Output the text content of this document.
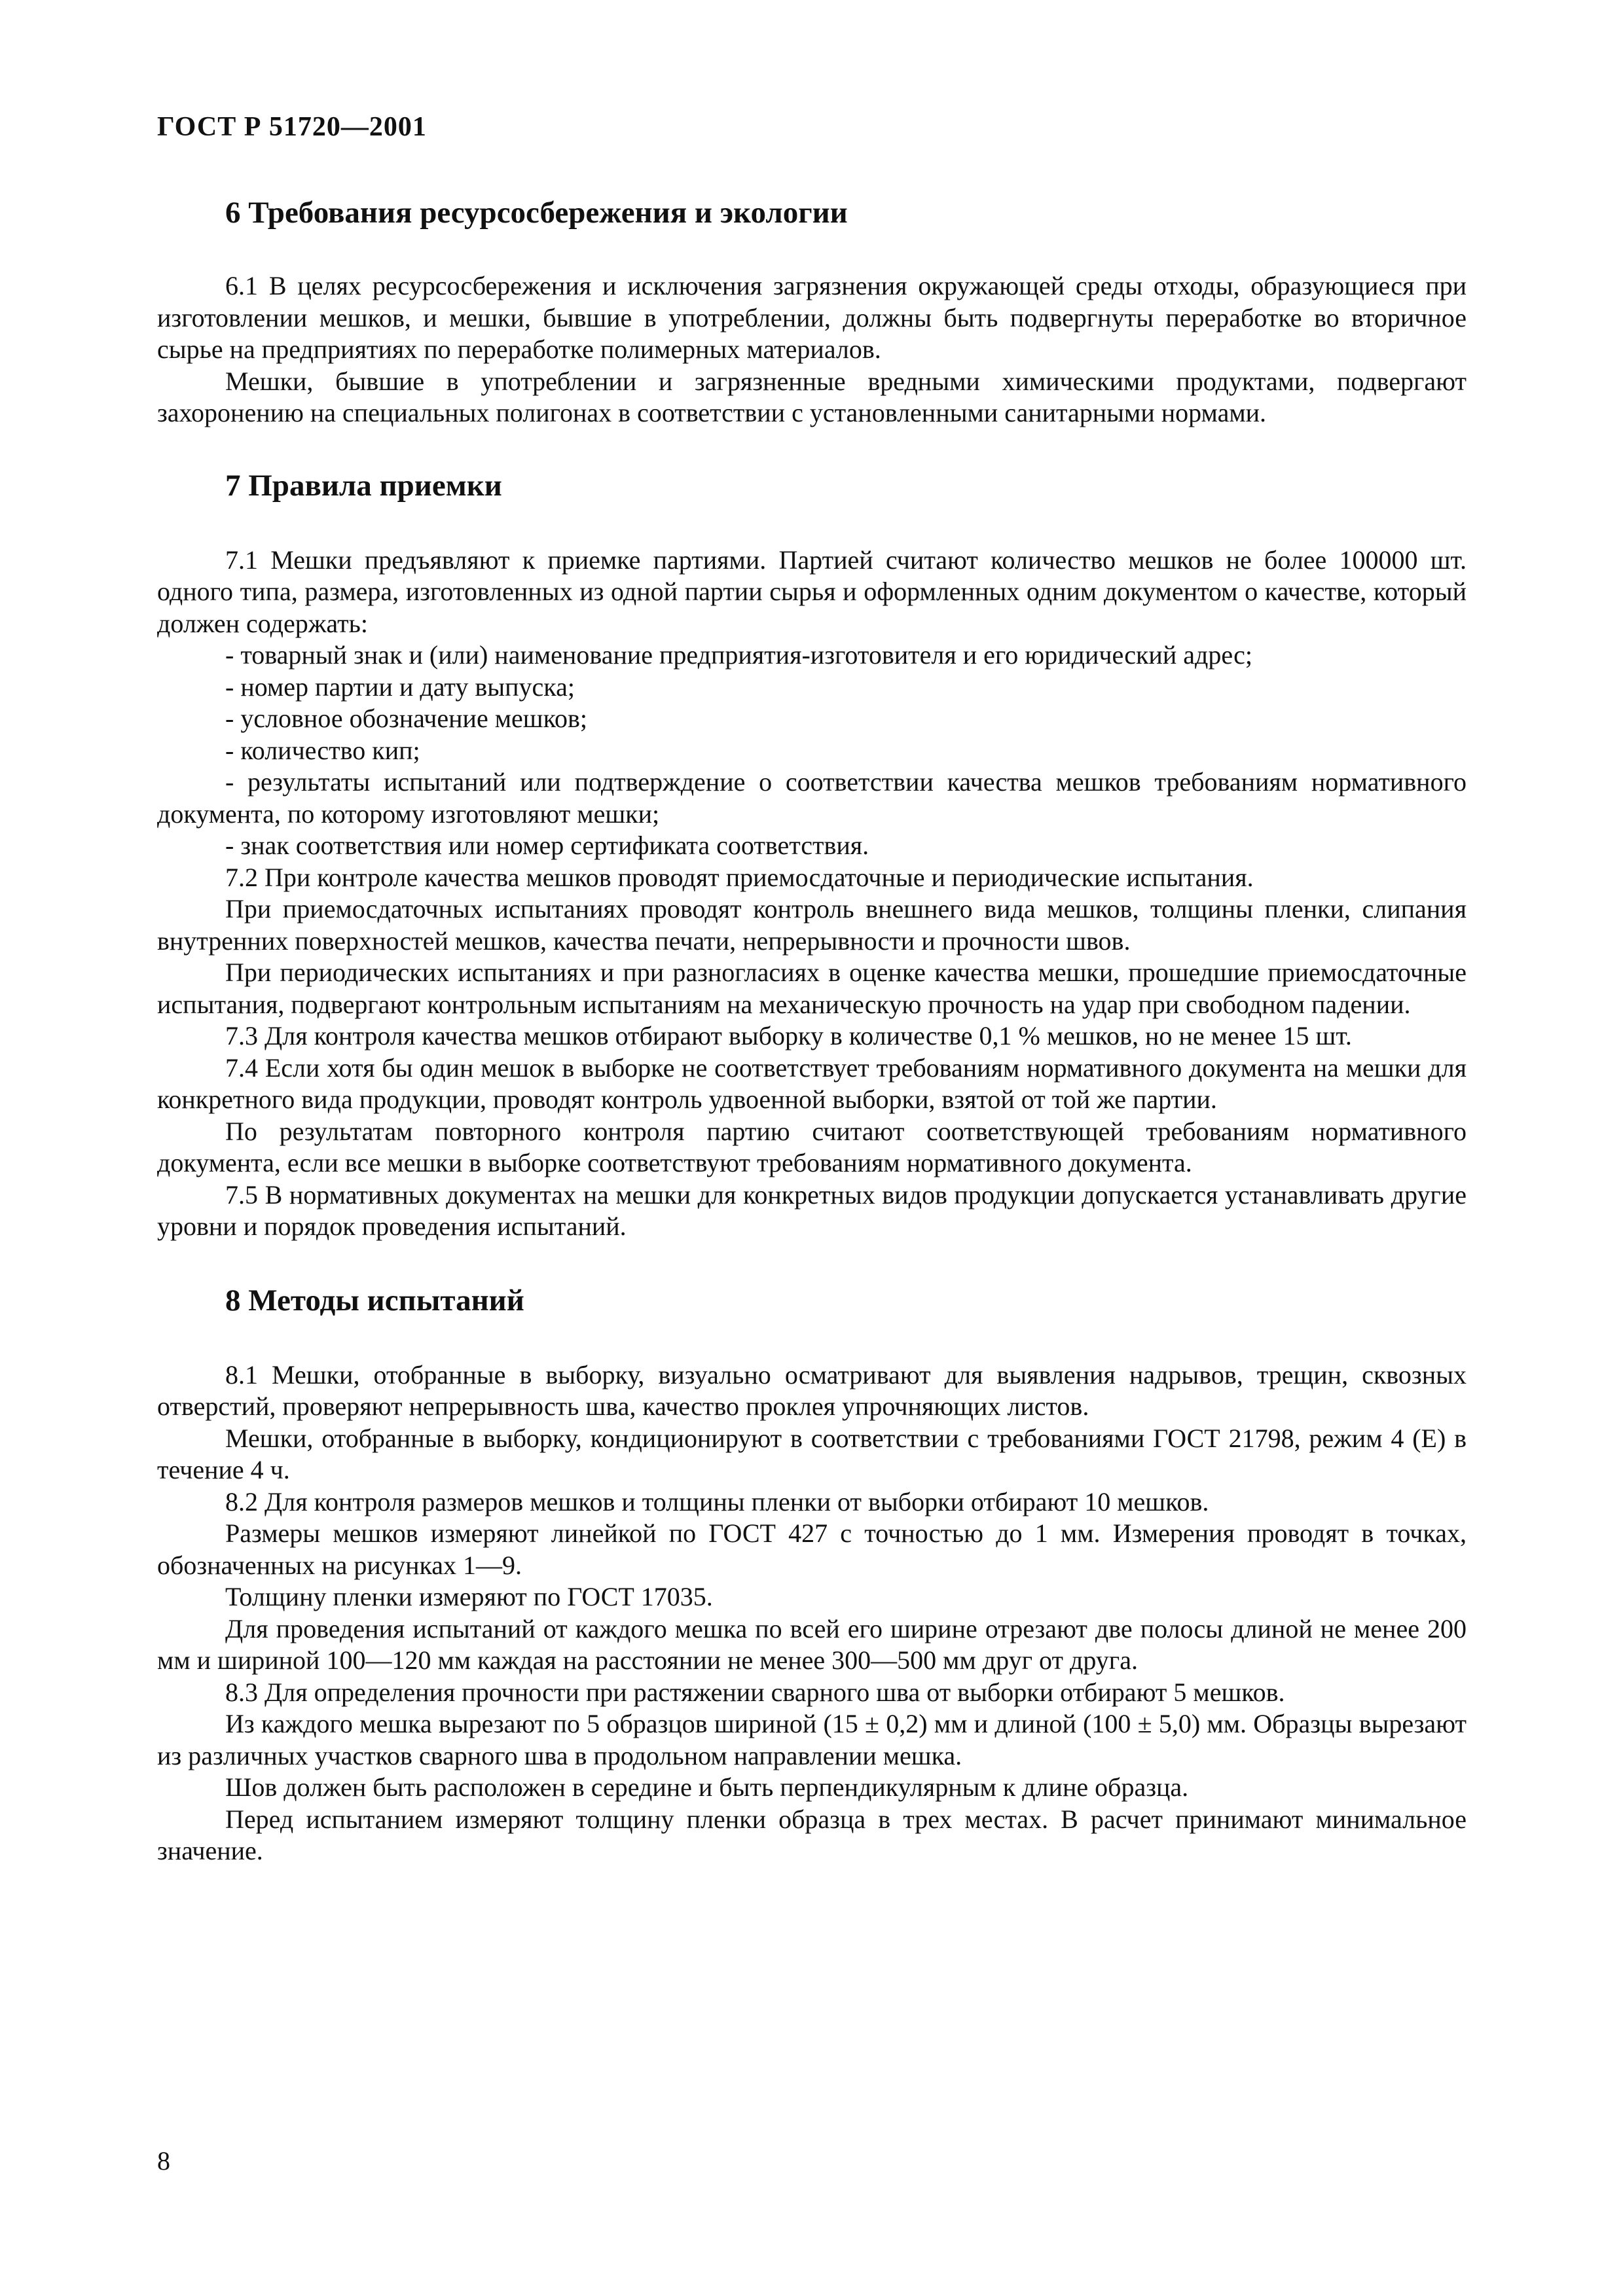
ГОСТ Р 51720—2001
6 Требования ресурсосбережения и экологии

6.1 В целях ресурсосбережения и исключения загрязнения окружающей среды отходы, образующиеся при изготовлении мешков, и мешки, бывшие в употреблении, должны быть подвергнуты переработке во вторичное сырье на предприятиях по переработке полимерных материалов.

Мешки, бывшие в употреблении и загрязненные вредными химическими продуктами, подвергают захоронению на специальных полигонах в соответствии с установленными санитарными нормами.

7 Правила приемки

7.1 Мешки предъявляют к приемке партиями. Партией считают количество мешков не более 100000 шт. одного типа, размера, изготовленных из одной партии сырья и оформленных одним документом о качестве, который должен содержать:

- товарный знак и (или) наименование предприятия-изготовителя и его юридический адрес;

- номер партии и дату выпуска;

- условное обозначение мешков;

- количество кип;

- результаты испытаний или подтверждение о соответствии качества мешков требованиям нормативного документа, по которому изготовляют мешки;

- знак соответствия или номер сертификата соответствия.

7.2 При контроле качества мешков проводят приемосдаточные и периодические испытания.

При приемосдаточных испытаниях проводят контроль внешнего вида мешков, толщины пленки, слипания внутренних поверхностей мешков, качества печати, непрерывности и прочности швов.

При периодических испытаниях и при разногласиях в оценке качества мешки, прошедшие приемосдаточные испытания, подвергают контрольным испытаниям на механическую прочность на удар при свободном падении.

7.3 Для контроля качества мешков отбирают выборку в количестве 0,1 % мешков, но не менее 15 шт.

7.4 Если хотя бы один мешок в выборке не соответствует требованиям нормативного документа на мешки для конкретного вида продукции, проводят контроль удвоенной выборки, взятой от той же партии.

По результатам повторного контроля партию считают соответствующей требованиям нормативного документа, если все мешки в выборке соответствуют требованиям нормативного документа.

7.5 В нормативных документах на мешки для конкретных видов продукции допускается устанавливать другие уровни и порядок проведения испытаний.

8 Методы испытаний

8.1 Мешки, отобранные в выборку, визуально осматривают для выявления надрывов, трещин, сквозных отверстий, проверяют непрерывность шва, качество проклея упрочняющих листов.

Мешки, отобранные в выборку, кондиционируют в соответствии с требованиями ГОСТ 21798, режим 4 (Е) в течение 4 ч.

8.2 Для контроля размеров мешков и толщины пленки от выборки отбирают 10 мешков.

Размеры мешков измеряют линейкой по ГОСТ 427 с точностью до 1 мм. Измерения проводят в точках, обозначенных на рисунках 1—9.

Толщину пленки измеряют по ГОСТ 17035.

Для проведения испытаний от каждого мешка по всей его ширине отрезают две полосы длиной не менее 200 мм и шириной 100—120 мм каждая на расстоянии не менее 300—500 мм друг от друга.

8.3 Для определения прочности при растяжении сварного шва от выборки отбирают 5 мешков.

Из каждого мешка вырезают по 5 образцов шириной (15 ± 0,2) мм и длиной (100 ± 5,0) мм. Образцы вырезают из различных участков сварного шва в продольном направлении мешка.

Шов должен быть расположен в середине и быть перпендикулярным к длине образца.

Перед испытанием измеряют толщину пленки образца в трех местах. В расчет принимают минимальное значение.

8
